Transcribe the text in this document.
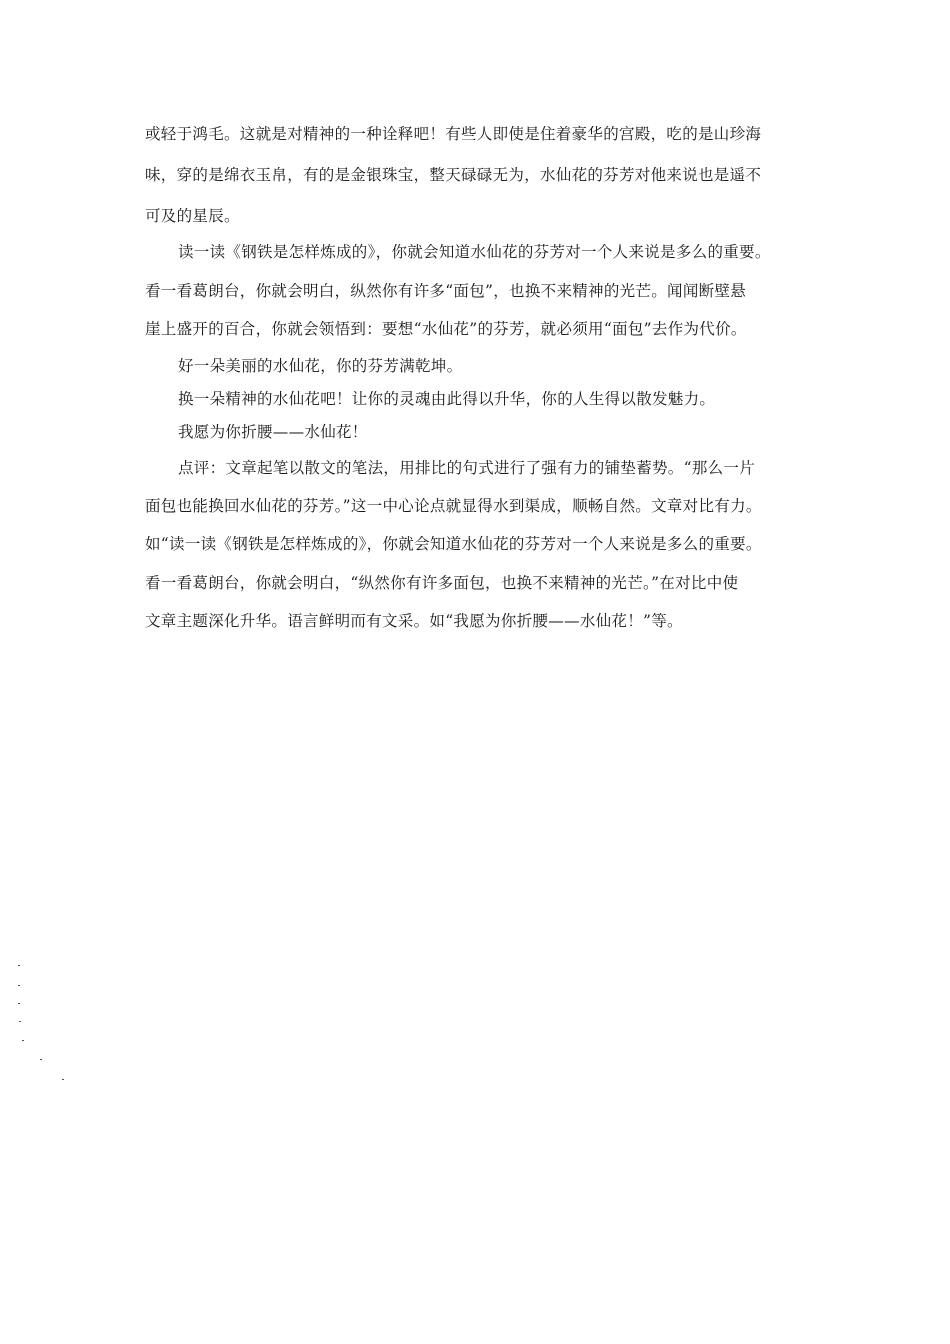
或轻于鸿毛。这就是对精神的一种诠释吧！有些人即使是住着豪华的宫殿，吃的是山珍海
味，穿的是绵衣玉帛，有的是金银珠宝，整天碌碌无为，水仙花的芬芳对他来说也是遥不
可及的星辰。
读一读《钢铁是怎样炼成的》，你就会知道水仙花的芬芳对一个人来说是多么的重要。
看一看葛朗台，你就会明白，纵然你有许多“面包”，也换不来精神的光芒。闻闻断壁悬
崖上盛开的百合，你就会领悟到：要想“水仙花”的芬芳，就必须用“面包”去作为代价。
好一朵美丽的水仙花，你的芬芳满乾坤。
换一朵精神的水仙花吧！让你的灵魂由此得以升华，你的人生得以散发魅力。
我愿为你折腰——水仙花！
点评：文章起笔以散文的笔法，用排比的句式进行了强有力的铺垫蓄势。“那么一片
面包也能换回水仙花的芬芳。”这一中心论点就显得水到渠成，顺畅自然。文章对比有力。
如“读一读《钢铁是怎样炼成的》，你就会知道水仙花的芬芳对一个人来说是多么的重要。
看一看葛朗台，你就会明白，“纵然你有许多面包，也换不来精神的光芒。”在对比中使
文章主题深化升华。语言鲜明而有文采。如“我愿为你折腰——水仙花！”等。
